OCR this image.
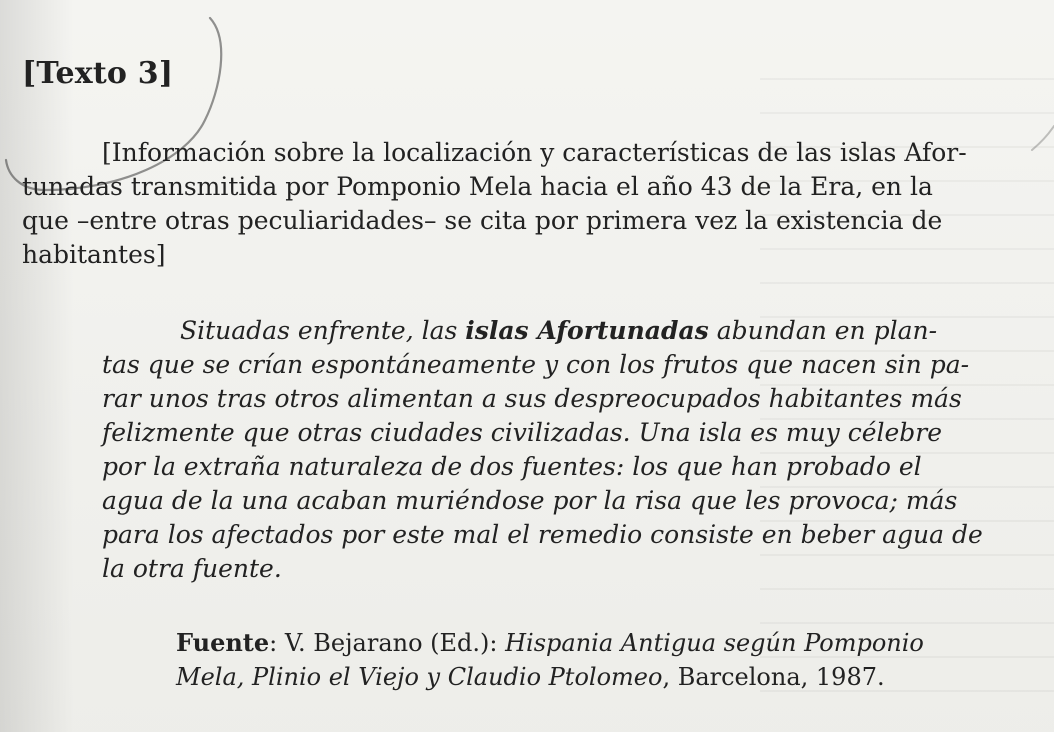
[Texto 3]
[Información sobre la localización y características de las islas Afor-
tunadas transmitida por Pomponio Mela hacia el año 43 de la Era, en la
que –entre otras peculiaridades– se cita por primera vez la existencia de
habitantes]
Situadas enfrente, las islas Afortunadas abundan en plan-
tas que se crían espontáneamente y con los frutos que nacen sin pa-
rar unos tras otros alimentan a sus despreocupados habitantes más
felizmente que otras ciudades civilizadas. Una isla es muy célebre
por la extraña naturaleza de dos fuentes: los que han probado el
agua de la una acaban muriéndose por la risa que les provoca; más
para los afectados por este mal el remedio consiste en beber agua de
la otra fuente.
Fuente: V. Bejarano (Ed.): Hispania Antigua según Pomponio
Mela, Plinio el Viejo y Claudio Ptolomeo, Barcelona, 1987.
